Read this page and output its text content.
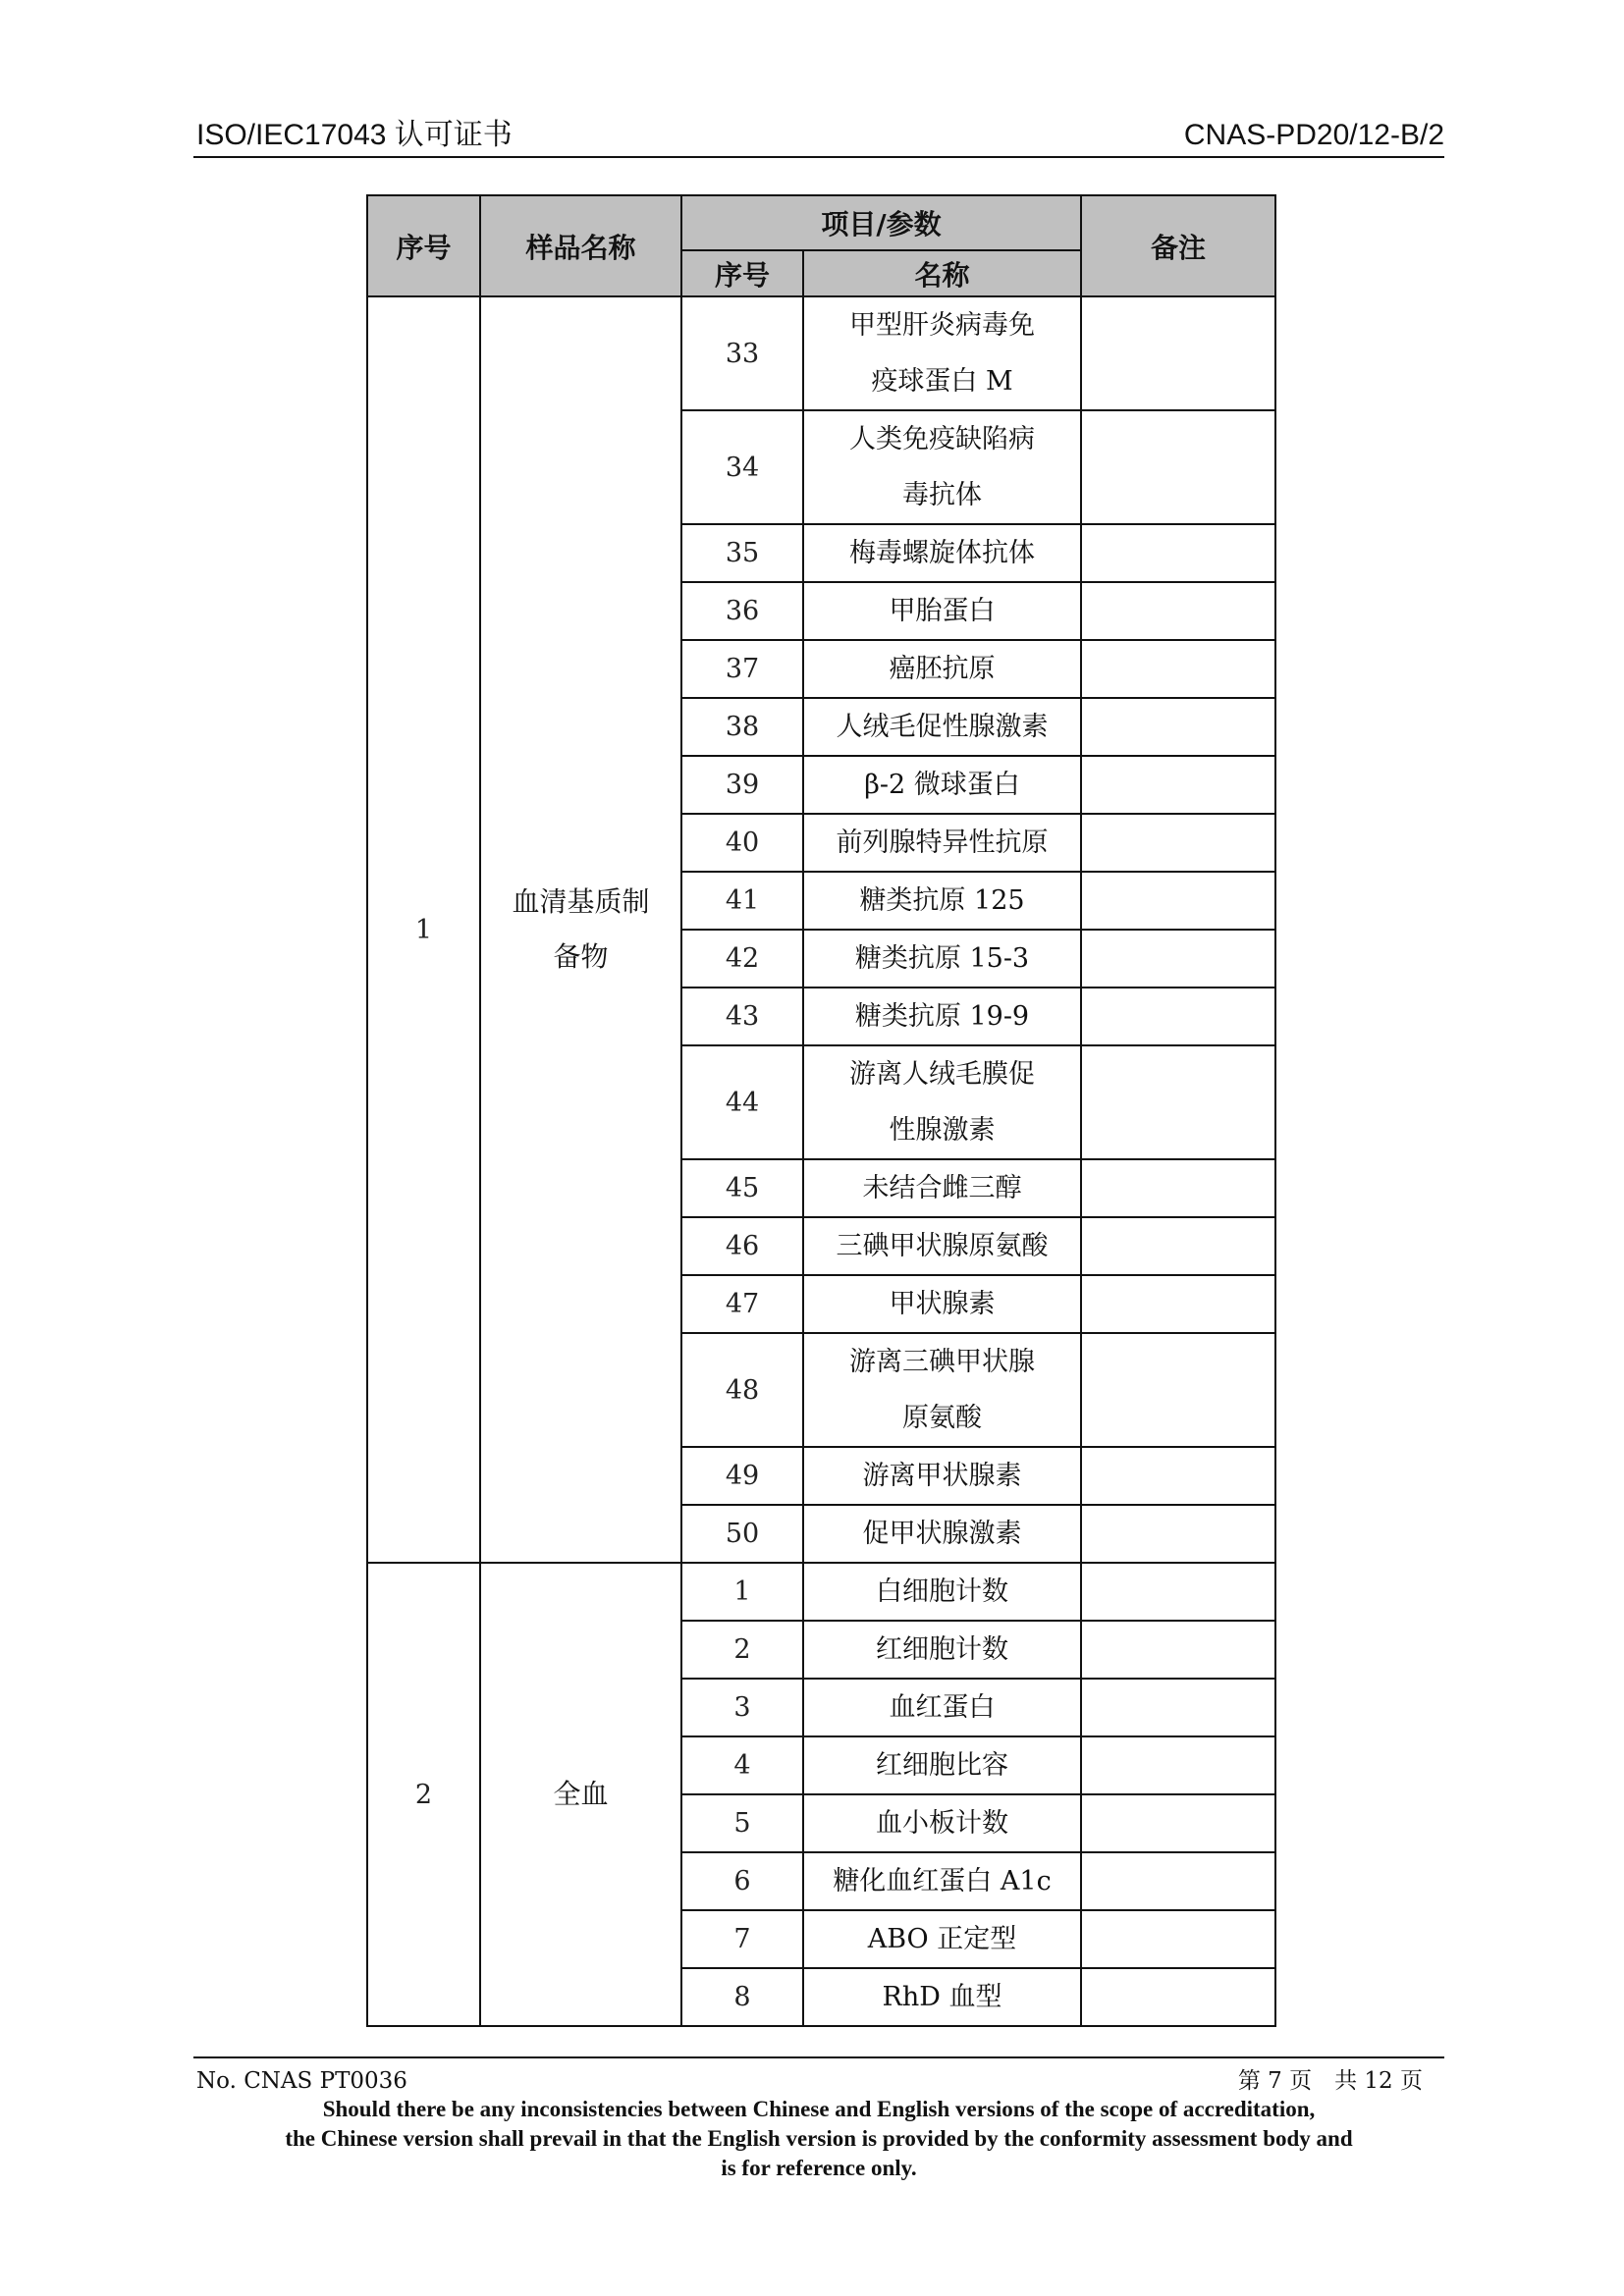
ISO/IEC17043 认可证书	CNAS-PD20/12-B/2
序号	样品名称	项目/参数		备注
		序号	名称	
1	血清基质制备物	33	甲型肝炎病毒免疫球蛋白 M	
		34	人类免疫缺陷病毒抗体	
		35	梅毒螺旋体抗体	
		36	甲胎蛋白	
		37	癌胚抗原	
		38	人绒毛促性腺激素	
		39	β-2 微球蛋白	
		40	前列腺特异性抗原	
		41	糖类抗原 125	
		42	糖类抗原 15-3	
		43	糖类抗原 19-9	
		44	游离人绒毛膜促性腺激素	
		45	未结合雌三醇	
		46	三碘甲状腺原氨酸	
		47	甲状腺素	
		48	游离三碘甲状腺原氨酸	
		49	游离甲状腺素	
		50	促甲状腺激素	
2	全血	1	白细胞计数	
		2	红细胞计数	
		3	血红蛋白	
		4	红细胞比容	
		5	血小板计数	
		6	糖化血红蛋白 A1c	
		7	ABO 正定型	
		8	RhD 血型	
No. CNAS PT0036	第 7 页　共 12 页
Should there be any inconsistencies between Chinese and English versions of the scope of accreditation,
the Chinese version shall prevail in that the English version is provided by the conformity assessment body and
is for reference only.
